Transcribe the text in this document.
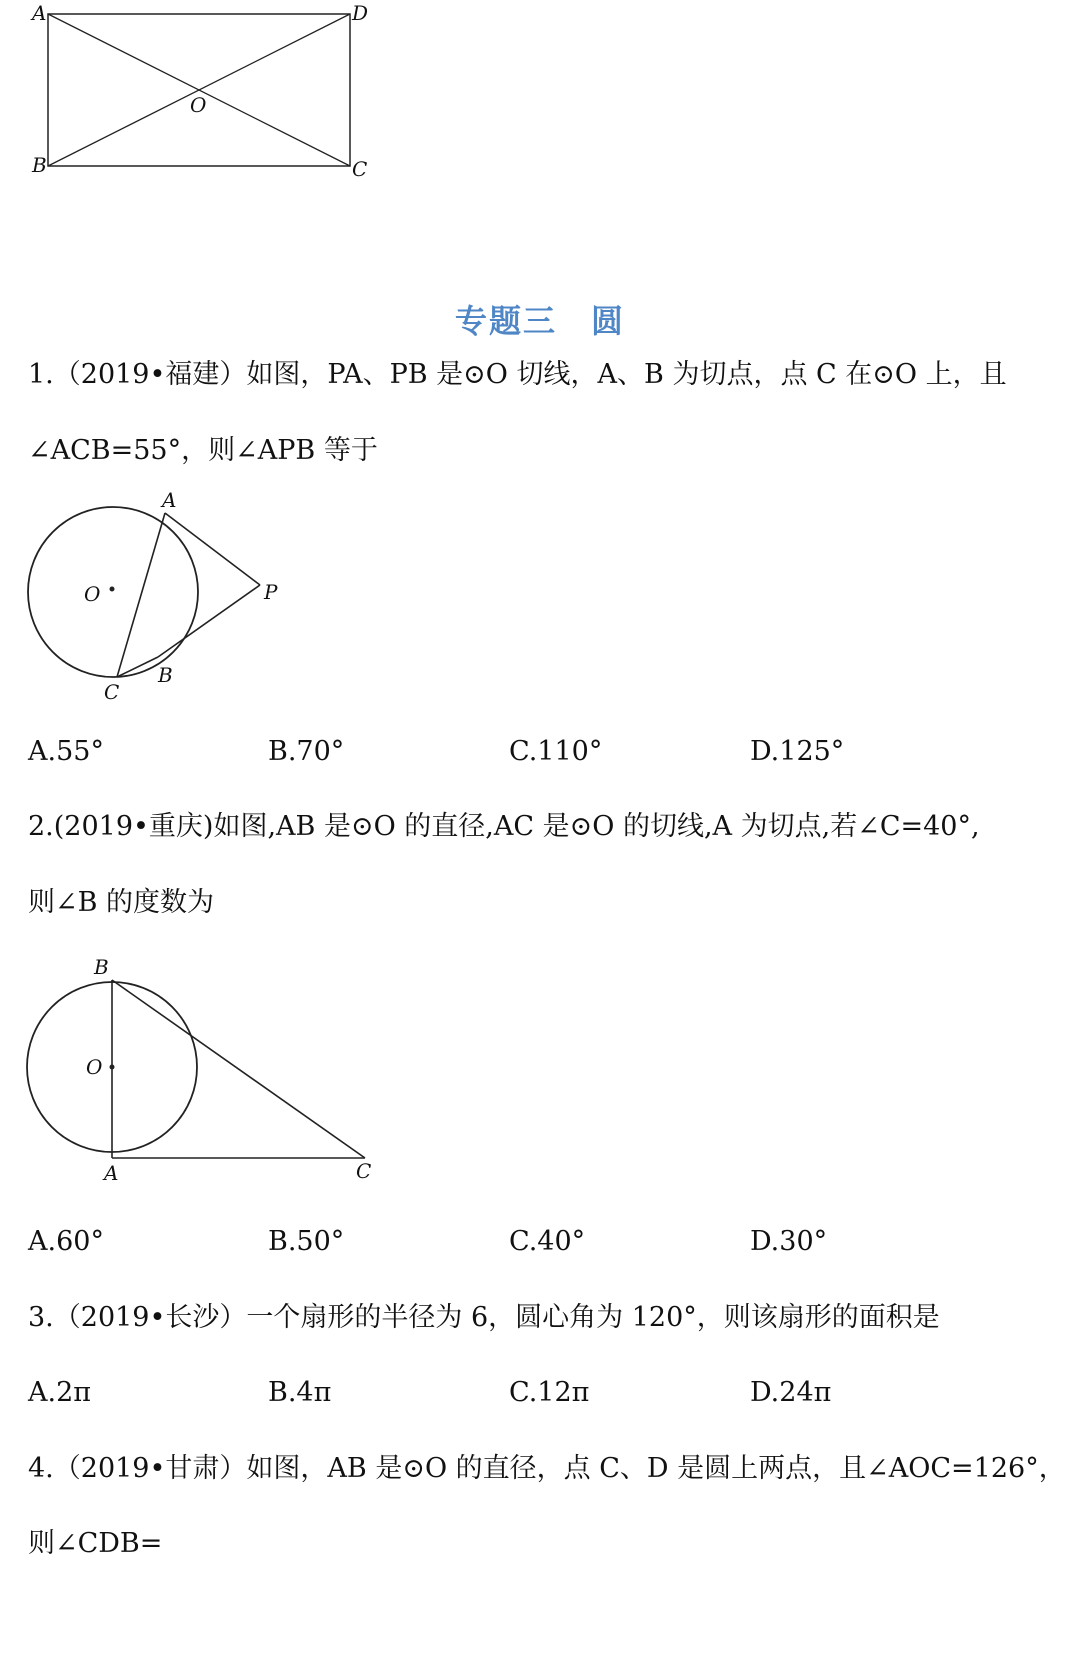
A	D
B	C
O
专题三　圆
1.（2019•福建）如图，PA、PB 是⊙O 切线，A、B 为切点，点 C 在⊙O 上，且
∠ACB=55°，则∠APB 等于
A
O	P
B
C
A.55°	B.70°	C.110°	D.125°
2.(2019•重庆)如图,AB 是⊙O 的直径,AC 是⊙O 的切线,A 为切点,若∠C=40°,
则∠B 的度数为
B
O
A	C
A.60°	B.50°	C.40°	D.30°
3.（2019•长沙）一个扇形的半径为 6，圆心角为 120°，则该扇形的面积是
A.2π	B.4π	C.12π	D.24π
4.（2019•甘肃）如图，AB 是⊙O 的直径，点 C、D 是圆上两点，且∠AOC=126°，
则∠CDB=
